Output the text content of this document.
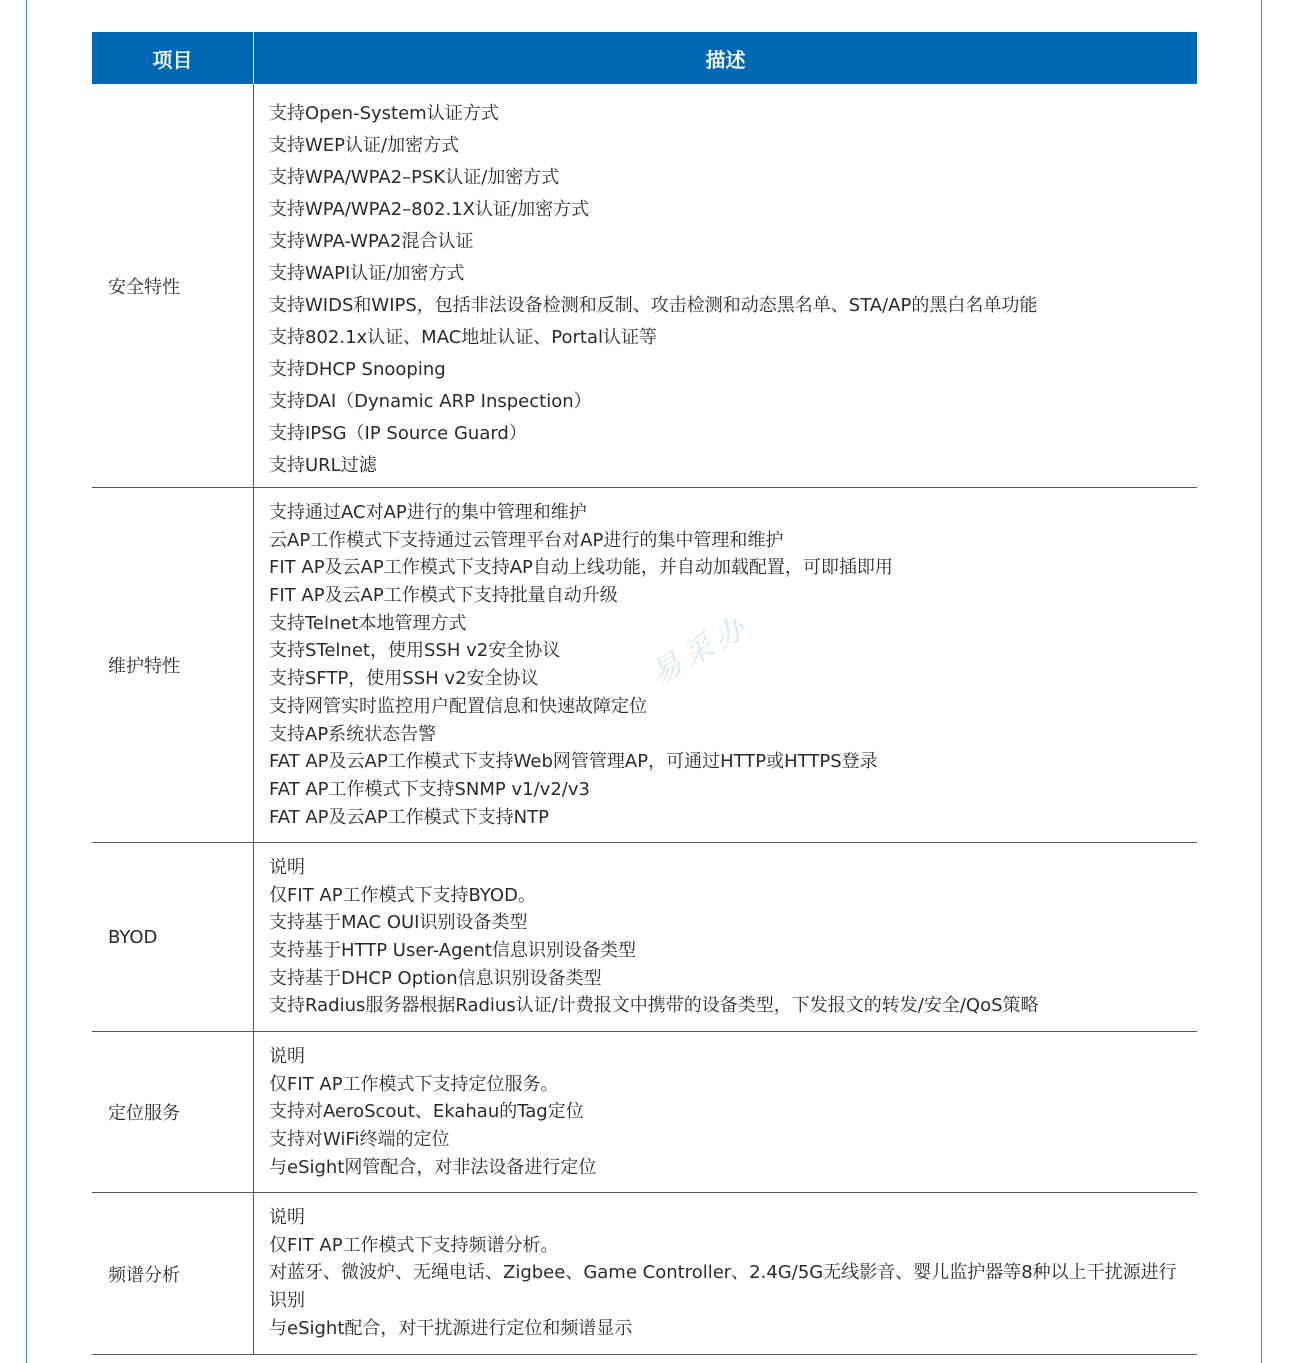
项目	描述
安全特性

支持Open-System认证方式

支持WEP认证/加密方式

支持WPA/WPA2–PSK认证/加密方式

支持WPA/WPA2–802.1X认证/加密方式

支持WPA-WPA2混合认证

支持WAPI认证/加密方式

支持WIDS和WIPS，包括非法设备检测和反制、攻击检测和动态黑名单、STA/AP的黑白名单功能

支持802.1x认证、MAC地址认证、Portal认证等

支持DHCP Snooping

支持DAI（Dynamic ARP Inspection）

支持IPSG（IP Source Guard）

支持URL过滤

维护特性

支持通过AC对AP进行的集中管理和维护

云AP工作模式下支持通过云管理平台对AP进行的集中管理和维护

FIT AP及云AP工作模式下支持AP自动上线功能，并自动加载配置，可即插即用

FIT AP及云AP工作模式下支持批量自动升级

支持Telnet本地管理方式

支持STelnet，使用SSH v2安全协议

支持SFTP，使用SSH v2安全协议

支持网管实时监控用户配置信息和快速故障定位

支持AP系统状态告警

FAT AP及云AP工作模式下支持Web网管管理AP，可通过HTTP或HTTPS登录

FAT AP工作模式下支持SNMP v1/v2/v3

FAT AP及云AP工作模式下支持NTP

BYOD

说明

仅FIT AP工作模式下支持BYOD。

支持基于MAC OUI识别设备类型

支持基于HTTP User-Agent信息识别设备类型

支持基于DHCP Option信息识别设备类型

支持Radius服务器根据Radius认证/计费报文中携带的设备类型，下发报文的转发/安全/QoS策略

定位服务

说明

仅FIT AP工作模式下支持定位服务。

支持对AeroScout、Ekahau的Tag定位

支持对WiFi终端的定位

与eSight网管配合，对非法设备进行定位

频谱分析

说明

仅FIT AP工作模式下支持频谱分析。

对蓝牙、微波炉、无绳电话、Zigbee、Game Controller、2.4G/5G无线影音、婴儿监护器等8种以上干扰源进行识别

与eSight配合，对干扰源进行定位和频谱显示

易采办
